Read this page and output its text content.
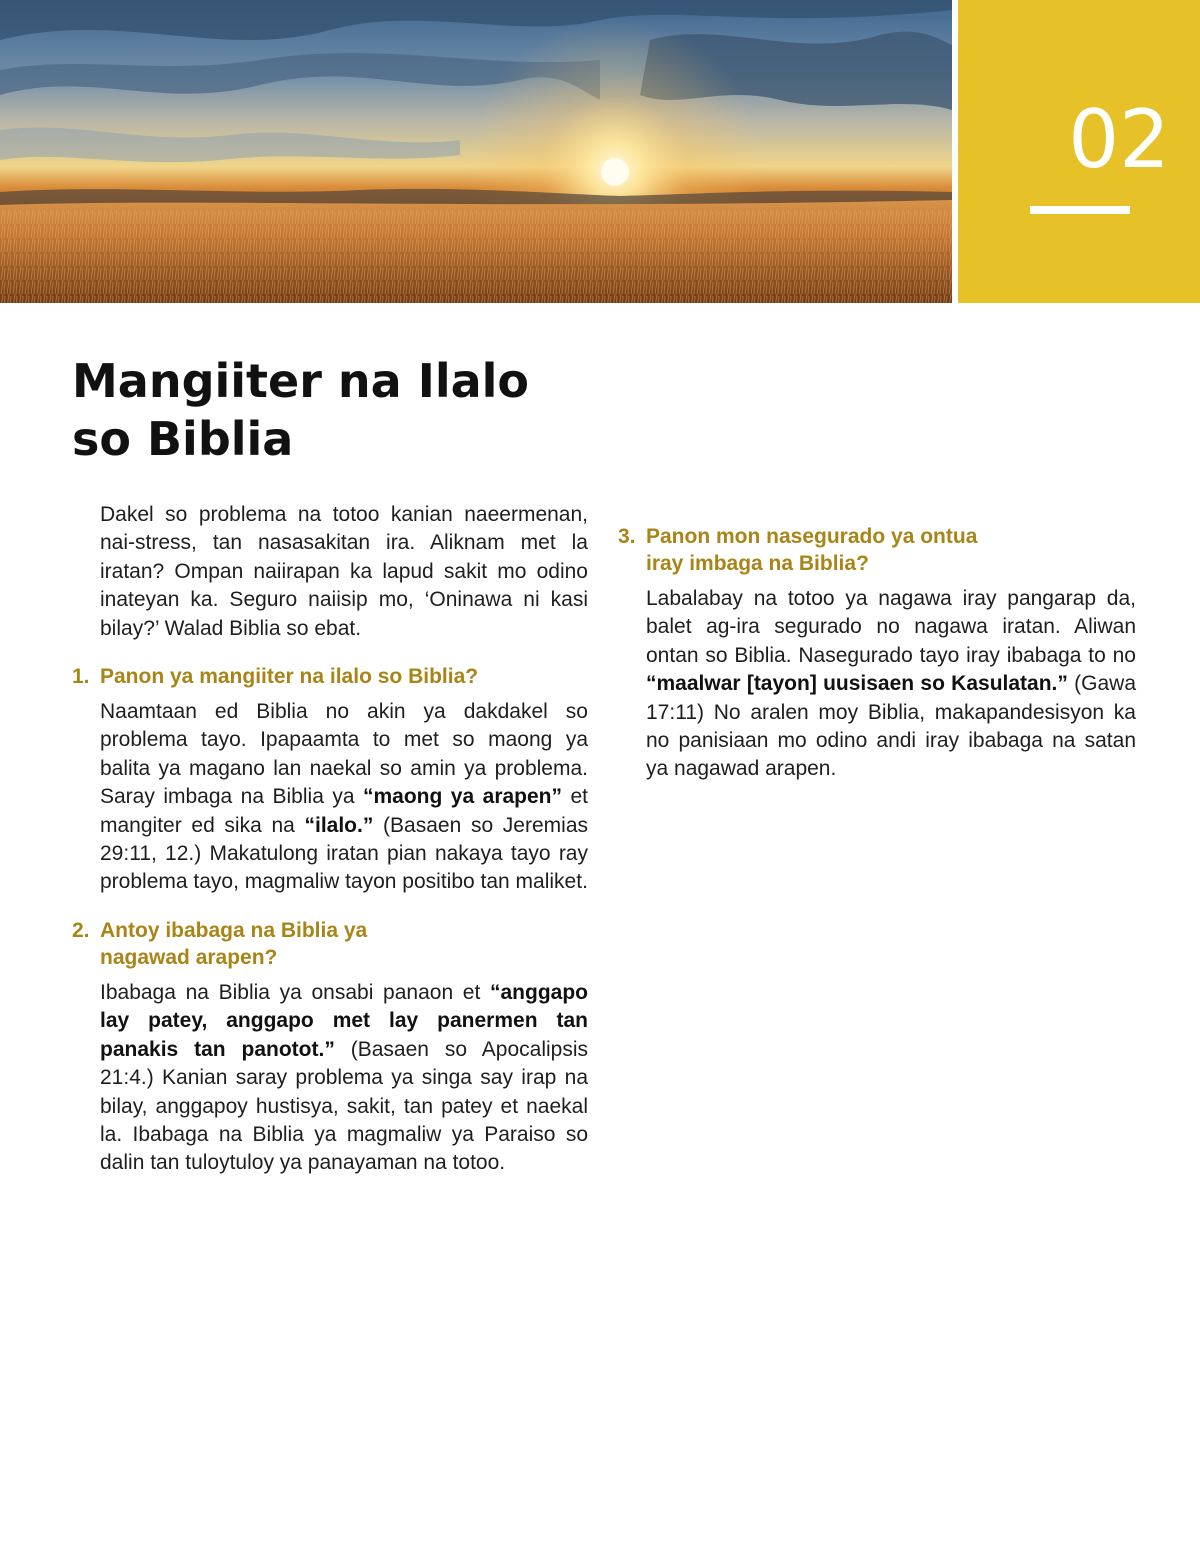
02
Mangiiter na Ilalo
so Biblia

Dakel so problema na totoo kanian naeermenan, nai-stress, tan nasasakitan ira. Aliknam met la iratan? Ompan naiirapan ka lapud sakit mo odino inateyan ka. Seguro naiisip mo, ‘Oninawa ni kasi bilay?’ Walad Biblia so ebat.

1. Panon ya mangiiter na ilalo so Biblia?

Naamtaan ed Biblia no akin ya dakdakel so problema tayo. Ipapaamta to met so maong ya balita ya magano lan naekal so amin ya problema. Saray imbaga na Biblia ya “maong ya arapen” et mangiter ed sika na “ilalo.” (Basaen so Jeremias 29:11, 12.) Makatulong iratan pian nakaya tayo ray problema tayo, magmaliw tayon positibo tan maliket.

2. Antoy ibabaga na Biblia ya
nagawad arapen?

Ibabaga na Biblia ya onsabi panaon et “anggapo lay patey, anggapo met lay panermen tan panakis tan panotot.” (Basaen so Apocalipsis 21:4.) Kanian saray problema ya singa say irap na bilay, anggapoy hustisya, sakit, tan patey et naekal la. Ibabaga na Biblia ya magmaliw ya Paraiso so dalin tan tuloytuloy ya panayaman na totoo.

3. Panon mon nasegurado ya ontua
iray imbaga na Biblia?

Labalabay na totoo ya nagawa iray pangarap da, balet ag-ira segurado no nagawa iratan. Aliwan ontan so Biblia. Nasegurado tayo iray ibabaga to no “maalwar [tayon] uusisaen so Kasulatan.” (Gawa 17:11) No aralen moy Biblia, makapandesisyon ka no panisiaan mo odino andi iray ibabaga na satan ya nagawad arapen.
